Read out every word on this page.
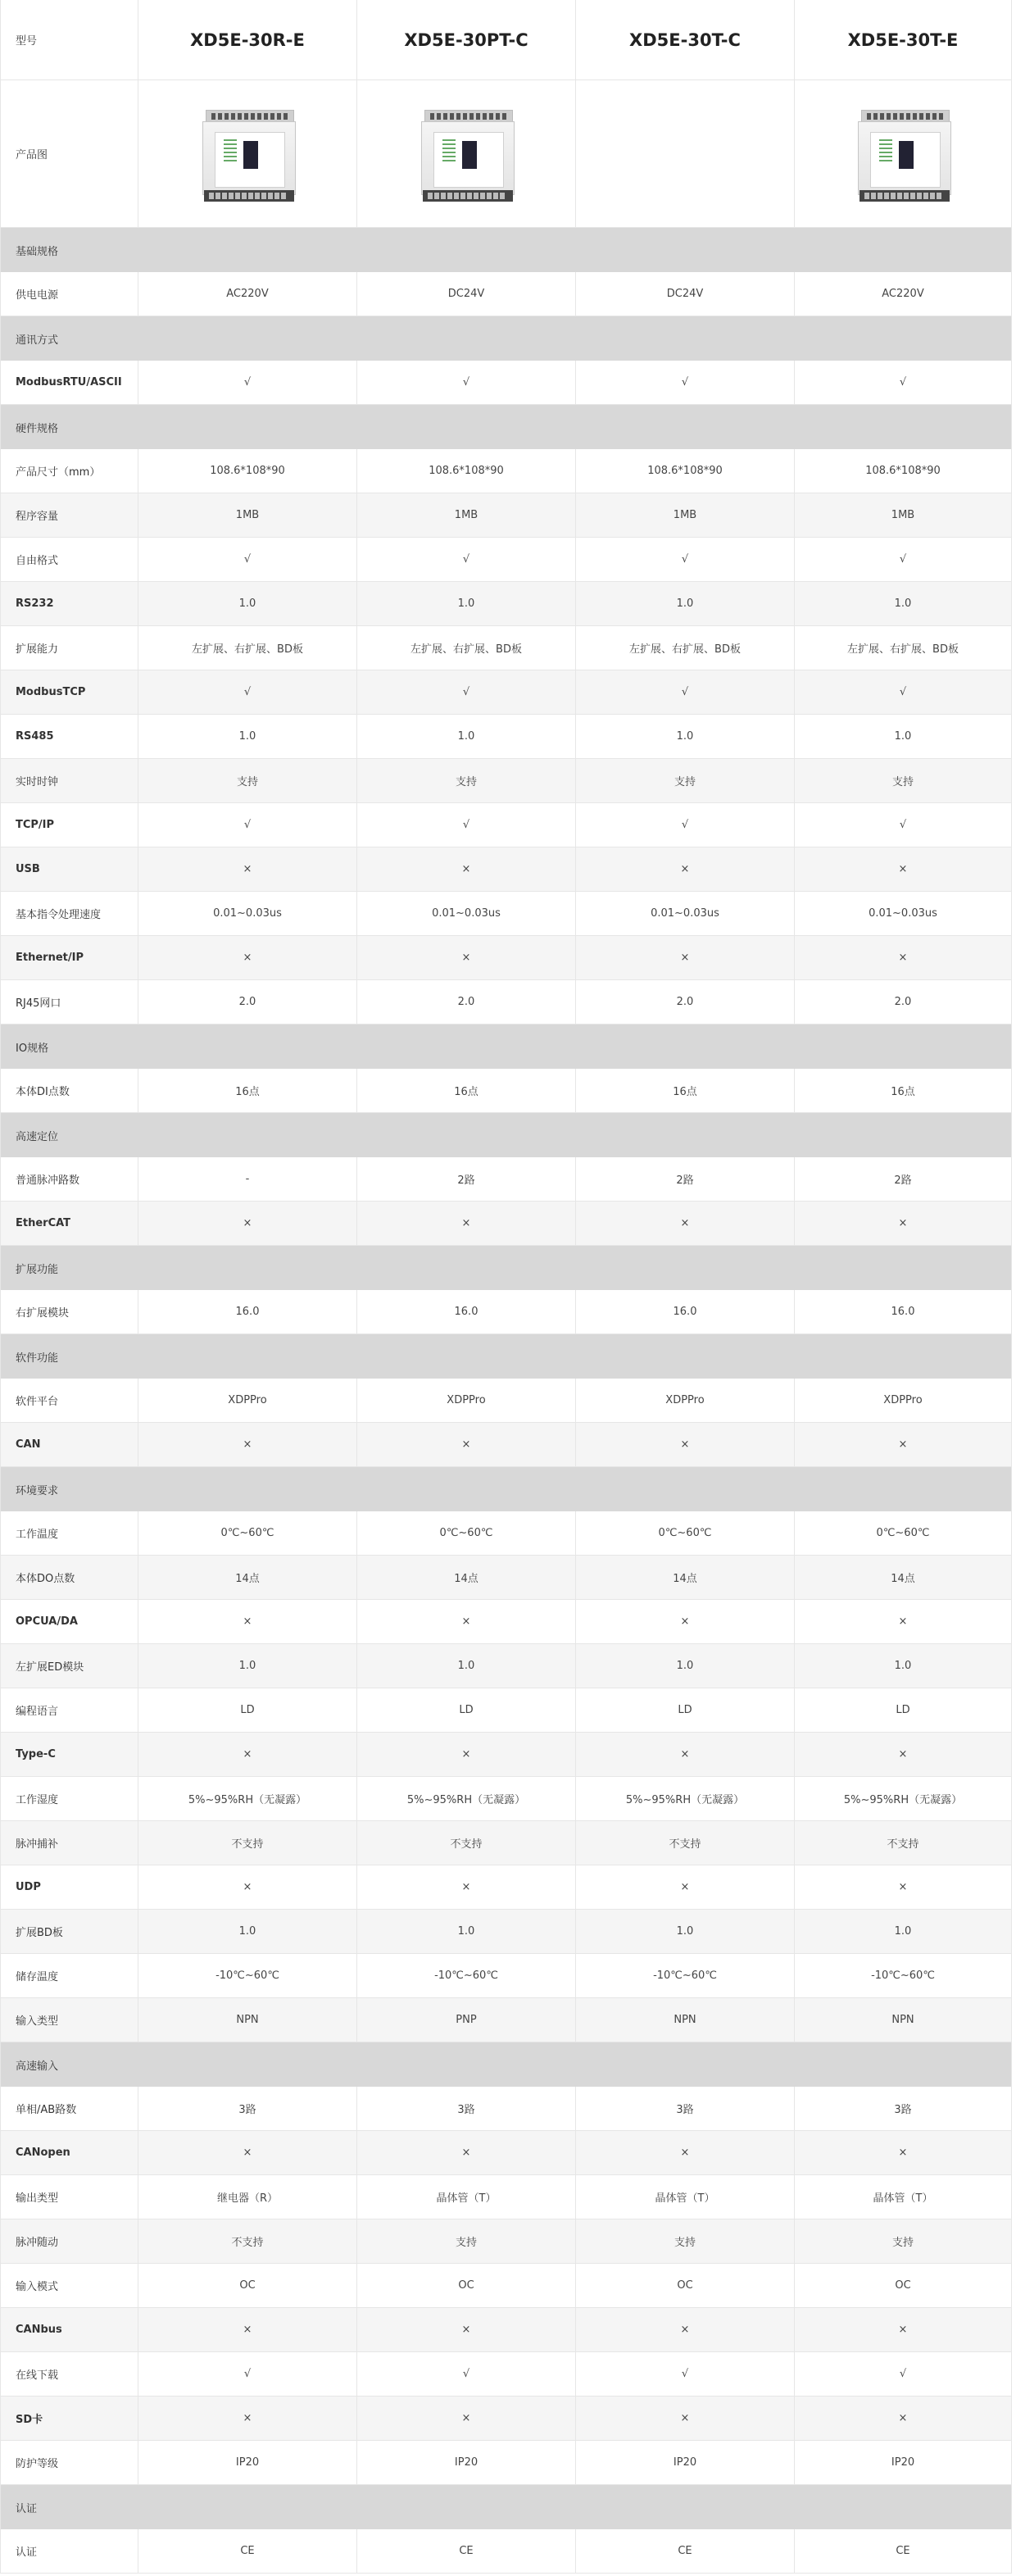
型号	XD5E-30R-E	XD5E-30PT-C	XD5E-30T-C	XD5E-30T-E
产品图
基础规格
供电电源	AC220V	DC24V	DC24V	AC220V
通讯方式
ModbusRTU/ASCII	√	√	√	√
硬件规格
产品尺寸（mm）	108.6*108*90	108.6*108*90	108.6*108*90	108.6*108*90
程序容量	1MB	1MB	1MB	1MB
自由格式	√	√	√	√
RS232	1.0	1.0	1.0	1.0
扩展能力	左扩展、右扩展、BD板	左扩展、右扩展、BD板	左扩展、右扩展、BD板	左扩展、右扩展、BD板
ModbusTCP	√	√	√	√
RS485	1.0	1.0	1.0	1.0
实时时钟	支持	支持	支持	支持
TCP/IP	√	√	√	√
USB	×	×	×	×
基本指令处理速度	0.01~0.03us	0.01~0.03us	0.01~0.03us	0.01~0.03us
Ethernet/IP	×	×	×	×
RJ45网口	2.0	2.0	2.0	2.0
IO规格
本体DI点数	16点	16点	16点	16点
高速定位
普通脉冲路数	-	2路	2路	2路
EtherCAT	×	×	×	×
扩展功能
右扩展模块	16.0	16.0	16.0	16.0
软件功能
软件平台	XDPPro	XDPPro	XDPPro	XDPPro
CAN	×	×	×	×
环境要求
工作温度	0℃~60℃	0℃~60℃	0℃~60℃	0℃~60℃
本体DO点数	14点	14点	14点	14点
OPCUA/DA	×	×	×	×
左扩展ED模块	1.0	1.0	1.0	1.0
编程语言	LD	LD	LD	LD
Type-C	×	×	×	×
工作湿度	5%~95%RH（无凝露）	5%~95%RH（无凝露）	5%~95%RH（无凝露）	5%~95%RH（无凝露）
脉冲捕补	不支持	不支持	不支持	不支持
UDP	×	×	×	×
扩展BD板	1.0	1.0	1.0	1.0
储存温度	-10℃~60℃	-10℃~60℃	-10℃~60℃	-10℃~60℃
输入类型	NPN	PNP	NPN	NPN
高速输入
单相/AB路数	3路	3路	3路	3路
CANopen	×	×	×	×
输出类型	继电器（R）	晶体管（T）	晶体管（T）	晶体管（T）
脉冲随动	不支持	支持	支持	支持
输入模式	OC	OC	OC	OC
CANbus	×	×	×	×
在线下载	√	√	√	√
SD卡	×	×	×	×
防护等级	IP20	IP20	IP20	IP20
认证
认证	CE	CE	CE	CE
